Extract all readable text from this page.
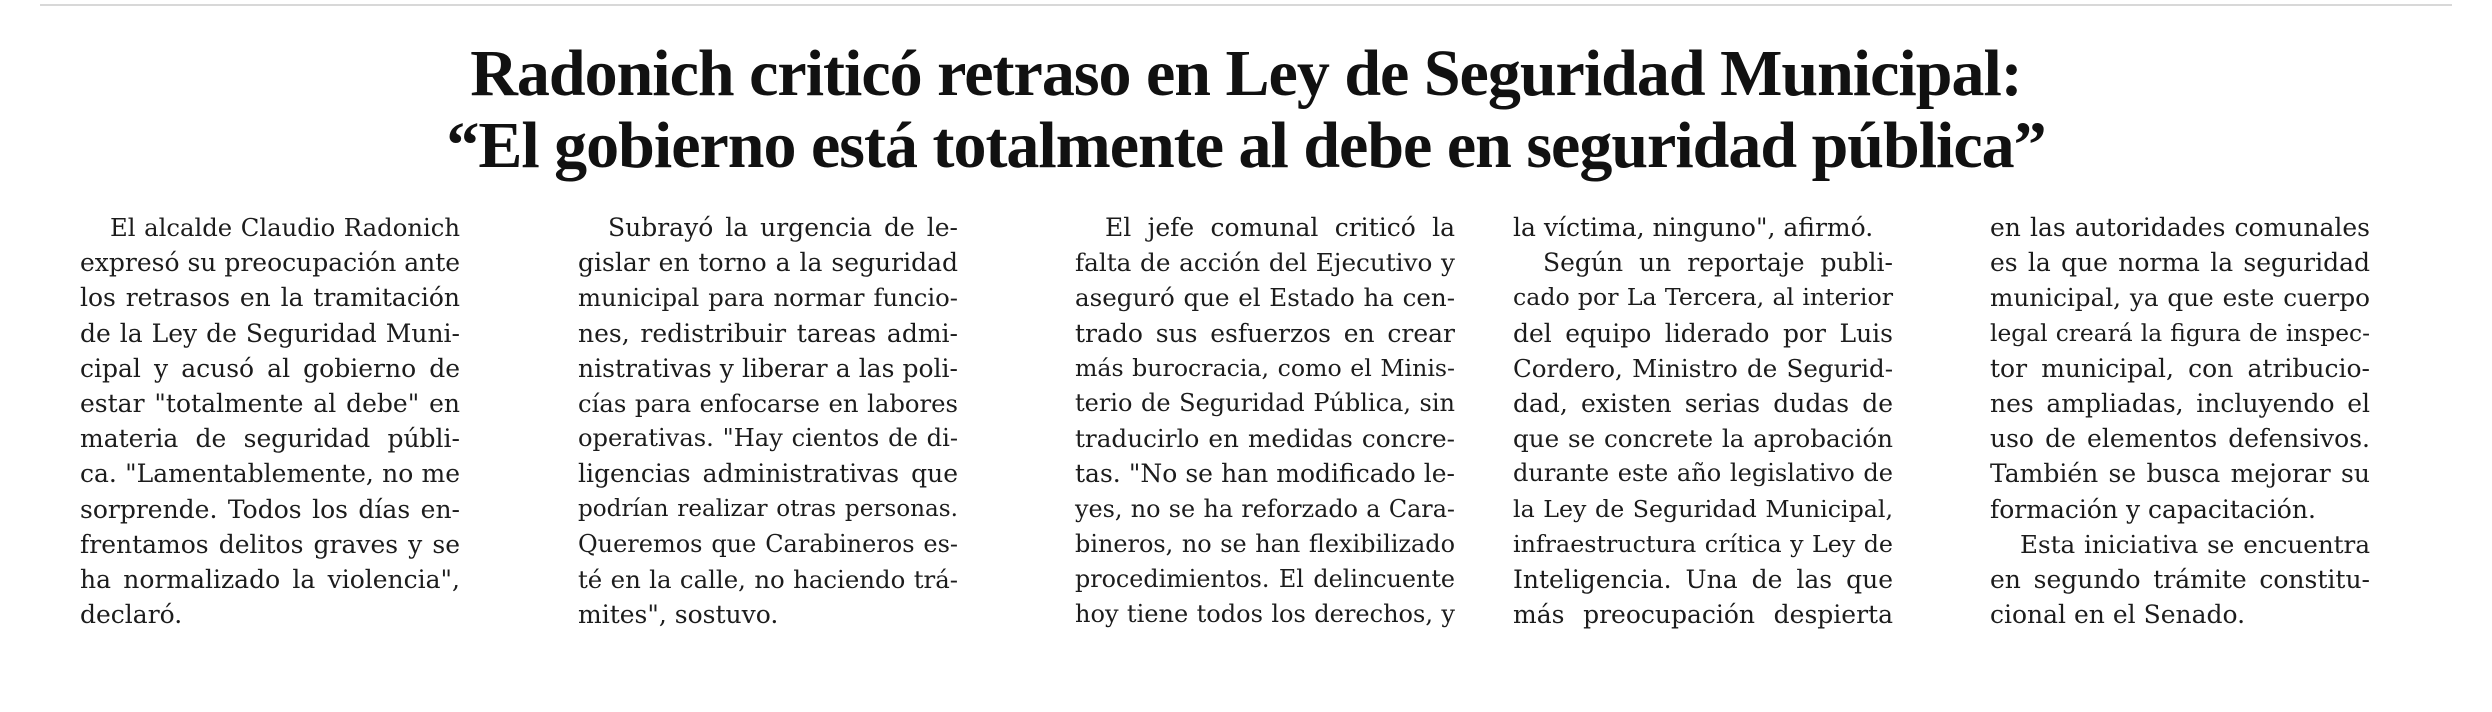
Radonich criticó retraso en Ley de Seguridad Municipal:
“El gobierno está totalmente al debe en seguridad pública”
El alcalde Claudio Radonich
expresó su preocupación ante
los retrasos en la tramitación
de la Ley de Seguridad Muni-
cipal y acusó al gobierno de
estar "totalmente al debe" en
materia de seguridad públi-
ca. "Lamentablemente, no me
sorprende. Todos los días en-
frentamos delitos graves y se
ha normalizado la violencia",
declaró.
Subrayó la urgencia de le-
gislar en torno a la seguridad
municipal para normar funcio-
nes, redistribuir tareas admi-
nistrativas y liberar a las poli-
cías para enfocarse en labores
operativas. "Hay cientos de di-
ligencias administrativas que
podrían realizar otras personas.
Queremos que Carabineros es-
té en la calle, no haciendo trá-
mites", sostuvo.
El jefe comunal criticó la
falta de acción del Ejecutivo y
aseguró que el Estado ha cen-
trado sus esfuerzos en crear
más burocracia, como el Minis-
terio de Seguridad Pública, sin
traducirlo en medidas concre-
tas. "No se han modificado le-
yes, no se ha reforzado a Cara-
bineros, no se han flexibilizado
procedimientos. El delincuente
hoy tiene todos los derechos, y
la víctima, ninguno", afirmó.
Según un reportaje publi-
cado por La Tercera, al interior
del equipo liderado por Luis
Cordero, Ministro de Segurid-
dad, existen serias dudas de
que se concrete la aprobación
durante este año legislativo de
la Ley de Seguridad Municipal,
infraestructura crítica y Ley de
Inteligencia. Una de las que
más preocupación despierta
en las autoridades comunales
es la que norma la seguridad
municipal, ya que este cuerpo
legal creará la figura de inspec-
tor municipal, con atribucio-
nes ampliadas, incluyendo el
uso de elementos defensivos.
También se busca mejorar su
formación y capacitación.
Esta iniciativa se encuentra
en segundo trámite constitu-
cional en el Senado.
